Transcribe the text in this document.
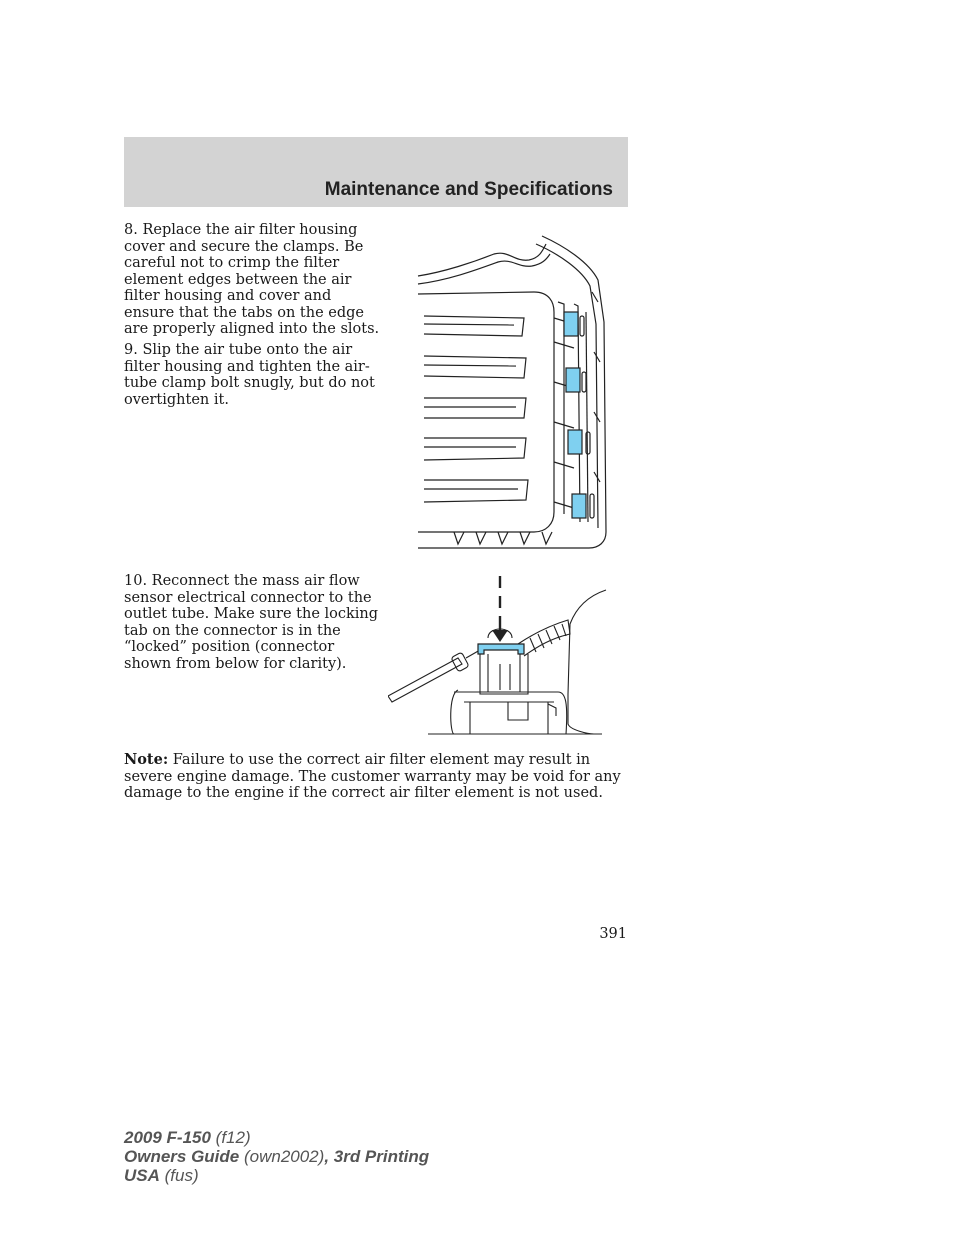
Maintenance and Specifications

8. Replace the air filter housing cover and secure the clamps. Be careful not to crimp the filter element edges between the air filter housing and cover and ensure that the tabs on the edge are properly aligned into the slots.

9. Slip the air tube onto the air filter housing and tighten the air-tube clamp bolt snugly, but do not overtighten it.

10. Reconnect the mass air flow sensor electrical connector to the outlet tube. Make sure the locking tab on the connector is in the “locked” position (connector shown from below for clarity).

Note: Failure to use the correct air filter element may result in severe engine damage. The customer warranty may be void for any damage to the engine if the correct air filter element is not used.

391
2009 F-150 (f12)
Owners Guide (own2002), 3rd Printing
USA (fus)
